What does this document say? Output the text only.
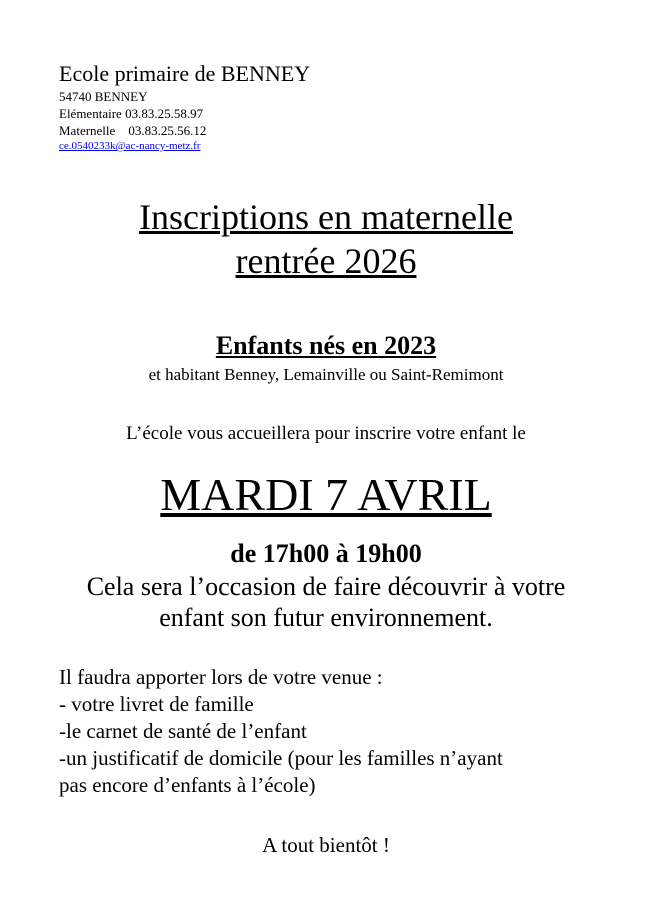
Ecole primaire de BENNEY
54740 BENNEY
Elémentaire 03.83.25.58.97
Maternelle 03.83.25.56.12
ce.0540233k@ac-nancy-metz.fr
Inscriptions en maternelle
rentrée 2026
Enfants nés en 2023
et habitant Benney, Lemainville ou Saint-Remimont
L’école vous accueillera pour inscrire votre enfant le
MARDI 7 AVRIL
de 17h00 à 19h00
Cela sera l’occasion de faire découvrir à votre
enfant son futur environnement.
Il faudra apporter lors de votre venue :
- votre livret de famille
-le carnet de santé de l’enfant
-un justificatif de domicile (pour les familles n’ayant
pas encore d’enfants à l’école)
A tout bientôt !
